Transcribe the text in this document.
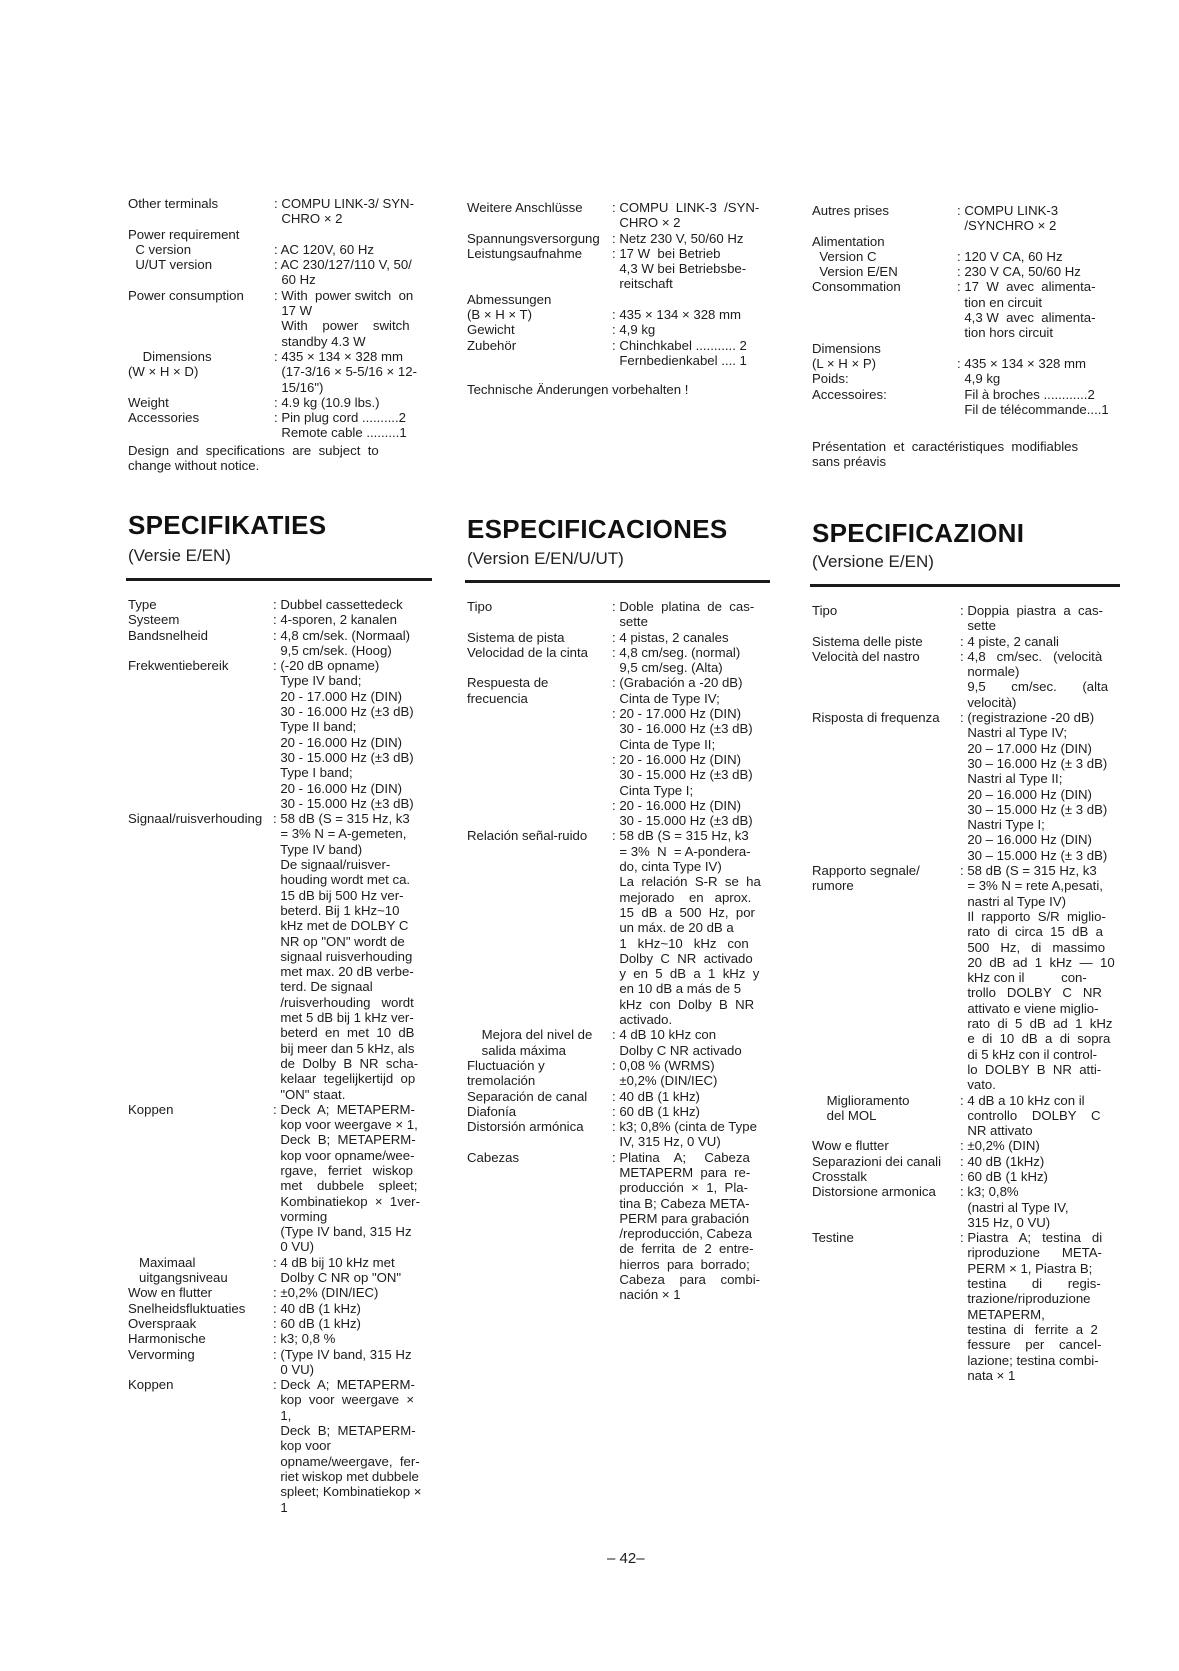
Other terminals	: COMPU LINK-3/ SYN-
CHRO × 2
Power requirement
C version	: AC 120V, 60 Hz
U/UT version	: AC 230/127/110 V, 50/
60 Hz
Power consumption	: With  power switch  on
17 W
With    power    switch
standby 4.3 W
Dimensions	: 435 × 134 × 328 mm
(W × H × D)	(17-3/16 × 5-5/16 × 12-
15/16")
Weight	: 4.9 kg (10.9 lbs.)
Accessories	: Pin plug cord ..........2
Remote cable .........1
Design  and  specifications  are  subject  to
change without notice.
Weitere Anschlüsse	: COMPU  LINK-3  /SYN-
CHRO × 2
Spannungsversorgung : Netz 230 V, 50/60 Hz
Leistungsaufnahme	: 17 W  bei Betrieb
4,3 W bei Betriebsbe-
reitschaft
Abmessungen
(B × H × T)	: 435 × 134 × 328 mm
Gewicht	: 4,9 kg
Zubehör	: Chinchkabel ........... 2
Fernbedienkabel .... 1
Technische Änderungen vorbehalten !
Autres prises	: COMPU LINK-3
/SYNCHRO × 2
Alimentation
Version C	: 120 V CA, 60 Hz
Version E/EN	: 230 V CA, 50/60 Hz
Consommation	: 17  W  avec  alimenta-
tion en circuit
4,3 W  avec  alimenta-
tion hors circuit
Dimensions
(L × H × P)	: 435 × 134 × 328 mm
Poids:	4,9 kg
Accessoires:	Fil à broches ............2
Fil de télécommande....1
Présentation  et  caractéristiques  modifiables
sans préavis
SPECIFIKATIES
(Versie E/EN)
ESPECIFICACIONES
(Version E/EN/U/UT)
SPECIFICAZIONI
(Versione E/EN)
Type	: Dubbel cassettedeck
Systeem	: 4-sporen, 2 kanalen
Bandsnelheid	: 4,8 cm/sek. (Normaal)
9,5 cm/sek. (Hoog)
Frekwentiebereik	: (-20 dB opname)
Type IV band;
20 - 17.000 Hz (DIN)
30 - 16.000 Hz (±3 dB)
Type II band;
20 - 16.000 Hz (DIN)
30 - 15.000 Hz (±3 dB)
Type I band;
20 - 16.000 Hz (DIN)
30 - 15.000 Hz (±3 dB)
Signaal/ruisverhouding : 58 dB (S = 315 Hz, k3
= 3% N = A-gemeten,
Type IV band)
De signaal/ruisver-
houding wordt met ca.
15 dB bij 500 Hz ver-
beterd. Bij 1 kHz~10
kHz met de DOLBY C
NR op "ON" wordt de
signaal ruisverhouding
met max. 20 dB verbe-
terd. De signaal
/ruisverhouding   wordt
met 5 dB bij 1 kHz ver-
beterd  en  met  10  dB
bij meer dan 5 kHz, als
de  Dolby  B  NR  scha-
kelaar  tegelijkertijd  op
"ON" staat.
Koppen	: Deck  A;  METAPERM-
kop voor weergave × 1,
Deck  B;  METAPERM-
kop voor opname/wee-
rgave,   ferriet   wiskop
met    dubbele    spleet;
Kombinatiekop  ×  1ver-
vorming
(Type IV band, 315 Hz
0 VU)
Maximaal
uitgangsniveau
: 4 dB bij 10 kHz met
Dolby C NR op "ON"
Wow en flutter	: ±0,2% (DIN/IEC)
Snelheidsfluktuaties	: 40 dB (1 kHz)
Overspraak	: 60 dB (1 kHz)
Harmonische	: k3; 0,8 %
Vervorming	: (Type IV band, 315 Hz
0 VU)
Koppen	: Deck  A;  METAPERM-
kop  voor  weergave  ×
1,
Deck  B;  METAPERM-
kop voor
opname/weergave,  fer-
riet wiskop met dubbele
spleet; Kombinatiekop ×
1
Tipo	: Doble  platina  de  cas-
sette
Sistema de pista	: 4 pistas, 2 canales
Velocidad de la cinta	: 4,8 cm/seg. (normal)
9,5 cm/seg. (Alta)
Respuesta de
frecuencia
: (Grabación a -20 dB)
Cinta de Type IV;
: 20 - 17.000 Hz (DIN)
30 - 16.000 Hz (±3 dB)
Cinta de Type II;
: 20 - 16.000 Hz (DIN)
30 - 15.000 Hz (±3 dB)
Cinta Type I;
: 20 - 16.000 Hz (DIN)
30 - 15.000 Hz (±3 dB)
Relación señal-ruido	: 58 dB (S = 315 Hz, k3
= 3%  N  = A-pondera-
do, cinta Type IV)
La  relación  S-R  se  ha
mejorado    en   aprox.
15  dB  a  500  Hz,  por
un máx. de 20 dB a
1   kHz~10   kHz   con
Dolby  C  NR  activado
y  en  5  dB  a  1  kHz  y
en 10 dB a más de 5
kHz  con  Dolby  B  NR
activado.
Mejora del nivel de
salida máxima
: 4 dB 10 kHz con
Dolby C NR activado
Fluctuación y
tremolación
: 0,08 % (WRMS)
±0,2% (DIN/IEC)
Separación de canal	: 40 dB (1 kHz)
Diafonía	: 60 dB (1 kHz)
Distorsión armónica	: k3; 0,8% (cinta de Type
IV, 315 Hz, 0 VU)
Cabezas	: Platina    A;     Cabeza
METAPERM  para  re-
producción  ×  1,  Pla-
tina B; Cabeza META-
PERM para grabación
/reproducción, Cabeza
de  ferrita  de  2  entre-
hierros  para  borrado;
Cabeza    para    combi-
nación × 1
Tipo	: Doppia  piastra  a  cas-
sette
Sistema delle piste	: 4 piste, 2 canali
Velocità del nastro	: 4,8   cm/sec.   (velocità
normale)
9,5       cm/sec.       (alta
velocità)
Risposta di frequenza	: (registrazione -20 dB)
Nastri al Type IV;
20 – 17.000 Hz (DIN)
30 – 16.000 Hz (± 3 dB)
Nastri al Type II;
20 – 16.000 Hz (DIN)
30 – 15.000 Hz (± 3 dB)
Nastri Type I;
20 – 16.000 Hz (DIN)
30 – 15.000 Hz (± 3 dB)
Rapporto segnale/
rumore
: 58 dB (S = 315 Hz, k3
= 3% N = rete A,pesati,
nastri al Type IV)
Il  rapporto  S/R  miglio-
rato  di  circa  15  dB  a
500   Hz,   di   massimo
20  dB  ad  1  kHz  —  10
kHz con il          con-
trollo   DOLBY   C   NR
attivato e viene miglio-
rato  di  5  dB  ad  1  kHz
e  di  10  dB  a  di  sopra
di 5 kHz con il control-
lo  DOLBY  B  NR  atti-
vato.
Miglioramento
del MOL
: 4 dB a 10 kHz con il
controllo    DOLBY    C
NR attivato
Wow e flutter	: ±0,2% (DIN)
Separazioni dei canali	: 40 dB (1kHz)
Crosstalk	: 60 dB (1 kHz)
Distorsione armonica	: k3; 0,8%
(nastri al Type IV,
315 Hz, 0 VU)
Testine	: Piastra   A;   testina   di
riproduzione      META-
PERM × 1, Piastra B;
testina       di       regis-
trazione/riproduzione
METAPERM,
testina  di   ferrite  a  2
fessure    per    cancel-
lazione; testina combi-
nata × 1
– 42–
